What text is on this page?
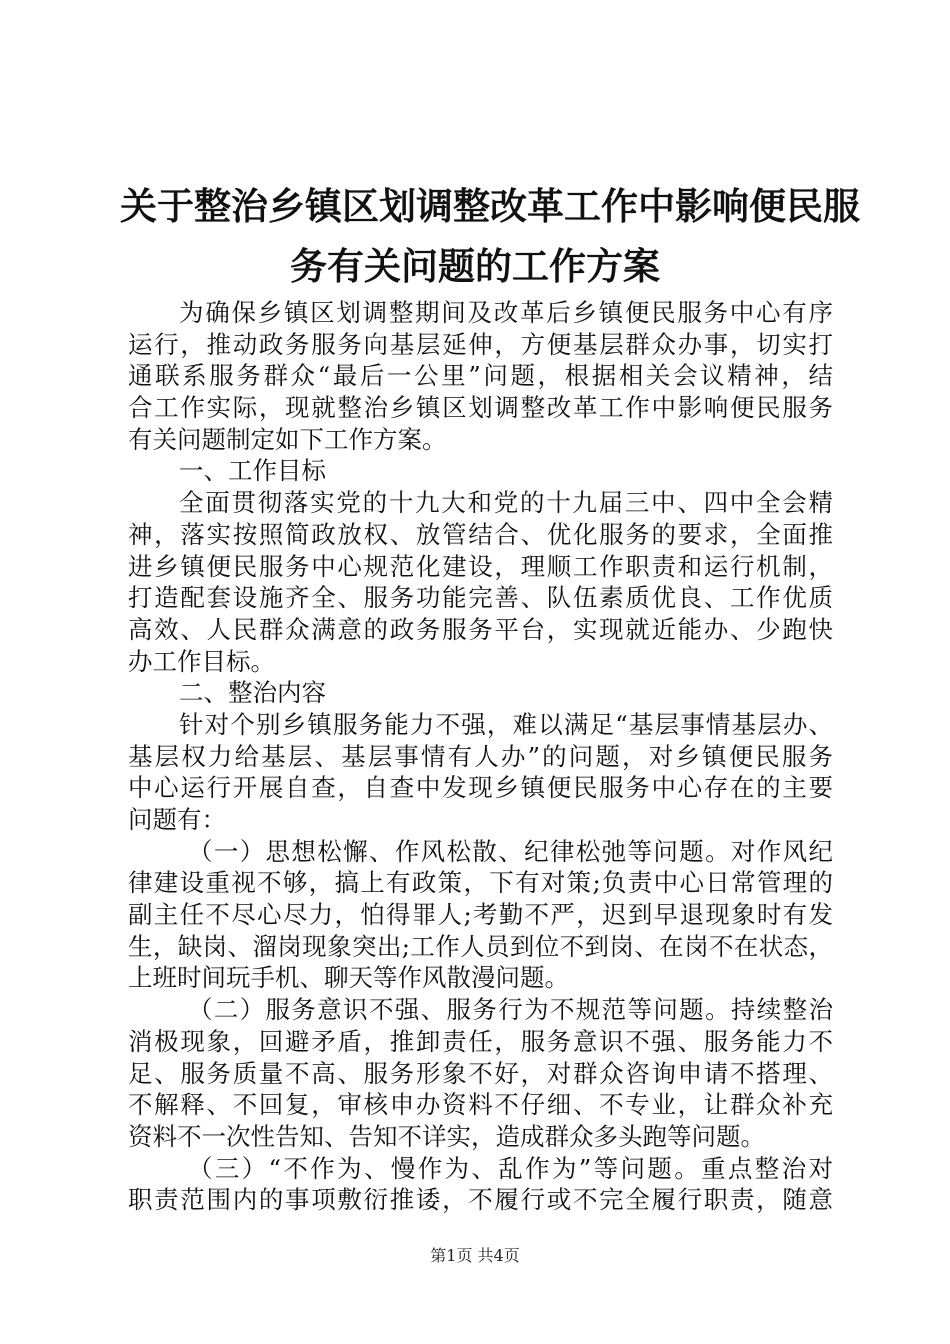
关于整治乡镇区划调整改革工作中影响便民服
务有关问题的工作方案
为确保乡镇区划调整期间及改革后乡镇便民服务中心有序
运行，推动政务服务向基层延伸，方便基层群众办事，切实打
通联系服务群众“最后一公里”问题，根据相关会议精神，结
合工作实际，现就整治乡镇区划调整改革工作中影响便民服务
有关问题制定如下工作方案。
一、工作目标
全面贯彻落实党的十九大和党的十九届三中、四中全会精
神，落实按照简政放权、放管结合、优化服务的要求，全面推
进乡镇便民服务中心规范化建设，理顺工作职责和运行机制，
打造配套设施齐全、服务功能完善、队伍素质优良、工作优质
高效、人民群众满意的政务服务平台，实现就近能办、少跑快
办工作目标。
二、整治内容
针对个别乡镇服务能力不强，难以满足“基层事情基层办、
基层权力给基层、基层事情有人办”的问题，对乡镇便民服务
中心运行开展自查，自查中发现乡镇便民服务中心存在的主要
问题有：
（一）思想松懈、作风松散、纪律松弛等问题。对作风纪
律建设重视不够，搞上有政策，下有对策;负责中心日常管理的
副主任不尽心尽力，怕得罪人;考勤不严，迟到早退现象时有发
生，缺岗、溜岗现象突出;工作人员到位不到岗、在岗不在状态，
上班时间玩手机、聊天等作风散漫问题。
（二）服务意识不强、服务行为不规范等问题。持续整治
消极现象，回避矛盾，推卸责任，服务意识不强、服务能力不
足、服务质量不高、服务形象不好，对群众咨询申请不搭理、
不解释、不回复，审核申办资料不仔细、不专业，让群众补充
资料不一次性告知、告知不详实，造成群众多头跑等问题。
（三）“不作为、慢作为、乱作为”等问题。重点整治对
职责范围内的事项敷衍推诿，不履行或不完全履行职责，随意
第1页 共4页
